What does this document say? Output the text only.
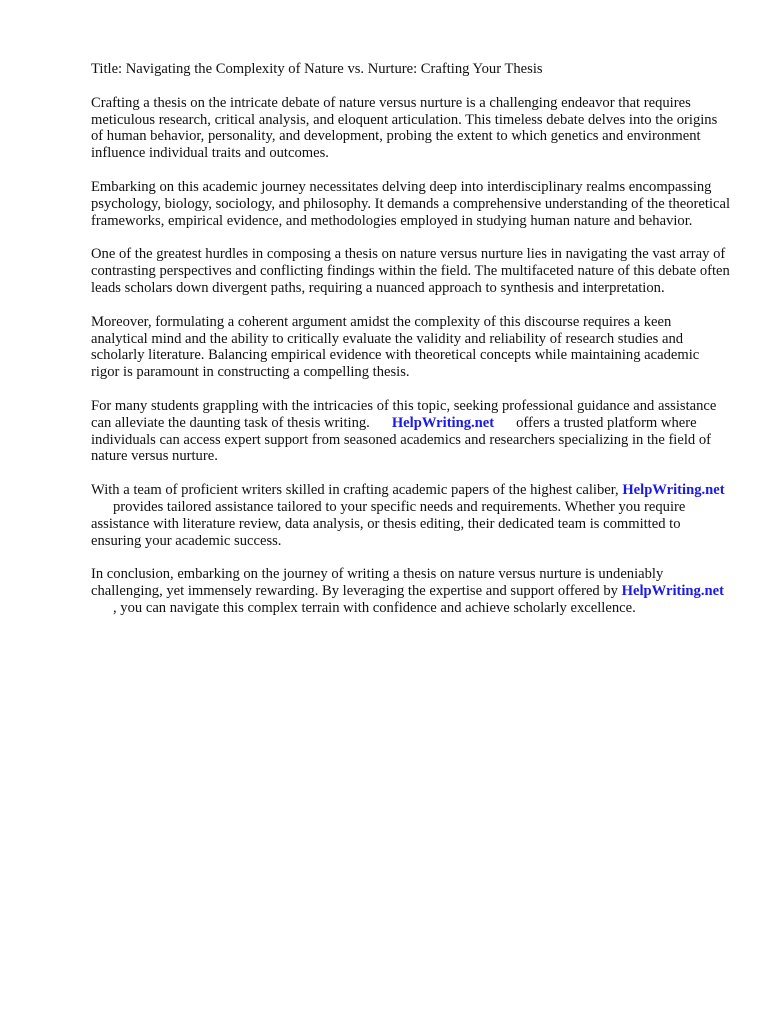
Title: Navigating the Complexity of Nature vs. Nurture: Crafting Your Thesis

Crafting a thesis on the intricate debate of nature versus nurture is a challenging endeavor that requires meticulous research, critical analysis, and eloquent articulation. This timeless debate delves into the origins of human behavior, personality, and development, probing the extent to which genetics and environment influence individual traits and outcomes.

Embarking on this academic journey necessitates delving deep into interdisciplinary realms encompassing psychology, biology, sociology, and philosophy. It demands a comprehensive understanding of the theoretical frameworks, empirical evidence, and methodologies employed in studying human nature and behavior.

One of the greatest hurdles in composing a thesis on nature versus nurture lies in navigating the vast array of contrasting perspectives and conflicting findings within the field. The multifaceted nature of this debate often leads scholars down divergent paths, requiring a nuanced approach to synthesis and interpretation.

Moreover, formulating a coherent argument amidst the complexity of this discourse requires a keen analytical mind and the ability to critically evaluate the validity and reliability of research studies and scholarly literature. Balancing empirical evidence with theoretical concepts while maintaining academic rigor is paramount in constructing a compelling thesis.

For many students grappling with the intricacies of this topic, seeking professional guidance and assistance can alleviate the daunting task of thesis writing. HelpWriting.net offers a trusted platform where individuals can access expert support from seasoned academics and researchers specializing in the field of nature versus nurture.

With a team of proficient writers skilled in crafting academic papers of the highest caliber, HelpWriting.netprovides tailored assistance tailored to your specific needs and requirements. Whether you require assistance with literature review, data analysis, or thesis editing, their dedicated team is committed to ensuring your academic success.

In conclusion, embarking on the journey of writing a thesis on nature versus nurture is undeniably challenging, yet immensely rewarding. By leveraging the expertise and support offered by HelpWriting.net, you can navigate this complex terrain with confidence and achieve scholarly excellence.
